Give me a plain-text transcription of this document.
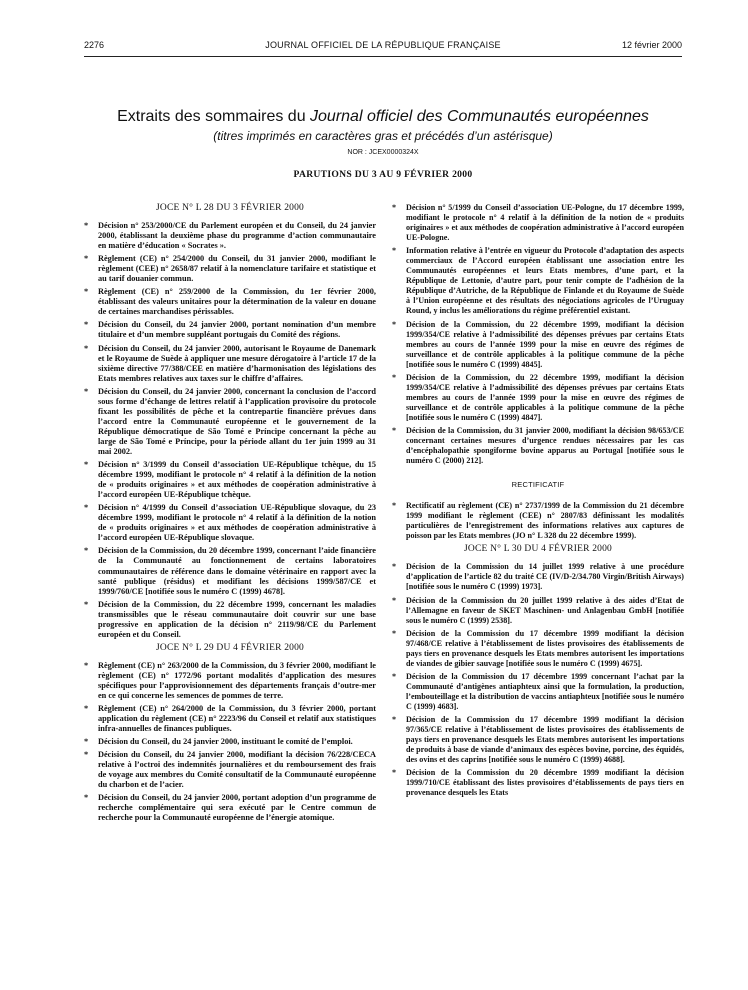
2276	JOURNAL OFFICIEL DE LA RÉPUBLIQUE FRANÇAISE	12 février 2000
Extraits des sommaires du Journal officiel des Communautés européennes
(titres imprimés en caractères gras et précédés d’un astérisque)
NOR : JCEX0000324X
PARUTIONS DU 3 AU 9 FÉVRIER 2000
JOCE N° L 28 DU 3 FÉVRIER 2000
* Décision n° 253/2000/CE du Parlement européen et du Conseil, du 24 janvier 2000, établissant la deuxième phase du programme d’action communautaire en matière d’éducation « Socrates ».
* Règlement (CE) n° 254/2000 du Conseil, du 31 janvier 2000, modifiant le règlement (CEE) n° 2658/87 relatif à la nomenclature tarifaire et statistique et au tarif douanier commun.
* Règlement (CE) n° 259/2000 de la Commission, du 1er février 2000, établissant des valeurs unitaires pour la détermination de la valeur en douane de certaines marchandises périssables.
* Décision du Conseil, du 24 janvier 2000, portant nomination d’un membre titulaire et d’un membre suppléant portugais du Comité des régions.
* Décision du Conseil, du 24 janvier 2000, autorisant le Royaume de Danemark et le Royaume de Suède à appliquer une mesure dérogatoire à l’article 17 de la sixième directive 77/388/CEE en matière d’harmonisation des législations des Etats membres relatives aux taxes sur le chiffre d’affaires.
* Décision du Conseil, du 24 janvier 2000, concernant la conclusion de l’accord sous forme d’échange de lettres relatif à l’application provisoire du protocole fixant les possibilités de pêche et la contrepartie financière prévues dans l’accord entre la Communauté européenne et le gouvernement de la République démocratique de São Tomé e Príncipe concernant la pêche au large de São Tomé e Príncipe, pour la période allant du 1er juin 1999 au 31 mai 2002.
* Décision n° 3/1999 du Conseil d’association UE-République tchèque, du 15 décembre 1999, modifiant le protocole n° 4 relatif à la définition de la notion de « produits originaires » et aux méthodes de coopération administrative à l’accord européen UE-République tchèque.
* Décision n° 4/1999 du Conseil d’association UE-République slovaque, du 23 décembre 1999, modifiant le protocole n° 4 relatif à la définition de la notion de « produits originaires » et aux méthodes de coopération administrative à l’accord européen UE-République slovaque.
* Décision de la Commission, du 20 décembre 1999, concernant l’aide financière de la Communauté au fonctionnement de certains laboratoires communautaires de référence dans le domaine vétérinaire en rapport avec la santé publique (résidus) et modifiant les décisions 1999/587/CE et 1999/760/CE [notifiée sous le numéro C (1999) 4678].
* Décision de la Commission, du 22 décembre 1999, concernant les maladies transmissibles que le réseau communautaire doit couvrir sur une base progressive en application de la décision n° 2119/98/CE du Parlement européen et du Conseil.
JOCE N° L 29 DU 4 FÉVRIER 2000
* Règlement (CE) n° 263/2000 de la Commission, du 3 février 2000, modifiant le règlement (CE) n° 1772/96 portant modalités d’application des mesures spécifiques pour l’approvisionnement des départements français d’outre-mer en ce qui concerne les semences de pommes de terre.
* Règlement (CE) n° 264/2000 de la Commission, du 3 février 2000, portant application du règlement (CE) n° 2223/96 du Conseil et relatif aux statistiques infra-annuelles de finances publiques.
* Décision du Conseil, du 24 janvier 2000, instituant le comité de l’emploi.
* Décision du Conseil, du 24 janvier 2000, modifiant la décision 76/228/CECA relative à l’octroi des indemnités journalières et du remboursement des frais de voyage aux membres du Comité consultatif de la Communauté européenne du charbon et de l’acier.
* Décision du Conseil, du 24 janvier 2000, portant adoption d’un programme de recherche complémentaire qui sera exécuté par le Centre commun de recherche pour la Communauté européenne de l’énergie atomique.
* Décision n° 5/1999 du Conseil d’association UE-Pologne, du 17 décembre 1999, modifiant le protocole n° 4 relatif à la définition de la notion de « produits originaires » et aux méthodes de coopération administrative à l’accord européen UE-Pologne.
* Information relative à l’entrée en vigueur du Protocole d’adaptation des aspects commerciaux de l’Accord européen établissant une association entre les Communautés européennes et leurs Etats membres, d’une part, et la République de Lettonie, d’autre part, pour tenir compte de l’adhésion de la République d’Autriche, de la République de Finlande et du Royaume de Suède à l’Union européenne et des résultats des négociations agricoles de l’Uruguay Round, y inclus les améliorations du régime préférentiel existant.
* Décision de la Commission, du 22 décembre 1999, modifiant la décision 1999/354/CE relative à l’admissibilité des dépenses prévues par certains Etats membres au cours de l’année 1999 pour la mise en œuvre des régimes de surveillance et de contrôle applicables à la politique commune de la pêche [notifiée sous le numéro C (1999) 4845].
* Décision de la Commission, du 22 décembre 1999, modifiant la décision 1999/354/CE relative à l’admissibilité des dépenses prévues par certains Etats membres au cours de l’année 1999 pour la mise en œuvre des régimes de surveillance et de contrôle applicables à la politique commune de la pêche [notifiée sous le numéro C (1999) 4847].
* Décision de la Commission, du 31 janvier 2000, modifiant la décision 98/653/CE concernant certaines mesures d’urgence rendues nécessaires par les cas d’encéphalopathie spongiforme bovine apparus au Portugal [notifiée sous le numéro C (2000) 212].
RECTIFICATIF
* Rectificatif au règlement (CE) n° 2737/1999 de la Commission du 21 décembre 1999 modifiant le règlement (CEE) n° 2807/83 définissant les modalités particulières de l’enregistrement des informations relatives aux captures de poisson par les Etats membres (JO n° L 328 du 22 décembre 1999).
JOCE N° L 30 DU 4 FÉVRIER 2000
* Décision de la Commission du 14 juillet 1999 relative à une procédure d’application de l’article 82 du traité CE (IV/D-2/34.780 Virgin/British Airways) [notifiée sous le numéro C (1999) 1973].
* Décision de la Commission du 20 juillet 1999 relative à des aides d’Etat de l’Allemagne en faveur de SKET Maschinen- und Anlagenbau GmbH [notifiée sous le numéro C (1999) 2538].
* Décision de la Commission du 17 décembre 1999 modifiant la décision 97/468/CE relative à l’établissement de listes provisoires des établissements de pays tiers en provenance desquels les Etats membres autorisent les importations de viandes de gibier sauvage [notifiée sous le numéro C (1999) 4675].
* Décision de la Commission du 17 décembre 1999 concernant l’achat par la Communauté d’antigènes antiaphteux ainsi que la formulation, la production, l’embouteillage et la distribution de vaccins antiaphteux [notifiée sous le numéro C (1999) 4683].
* Décision de la Commission du 17 décembre 1999 modifiant la décision 97/365/CE relative à l’établissement de listes provisoires des établissements de pays tiers en provenance desquels les Etats membres autorisent les importations de produits à base de viande d’animaux des espèces bovine, porcine, des équidés, des ovins et des caprins [notifiée sous le numéro C (1999) 4688].
* Décision de la Commission du 20 décembre 1999 modifiant la décision 1999/710/CE établissant des listes provisoires d’établissements de pays tiers en provenance desquels les Etats
